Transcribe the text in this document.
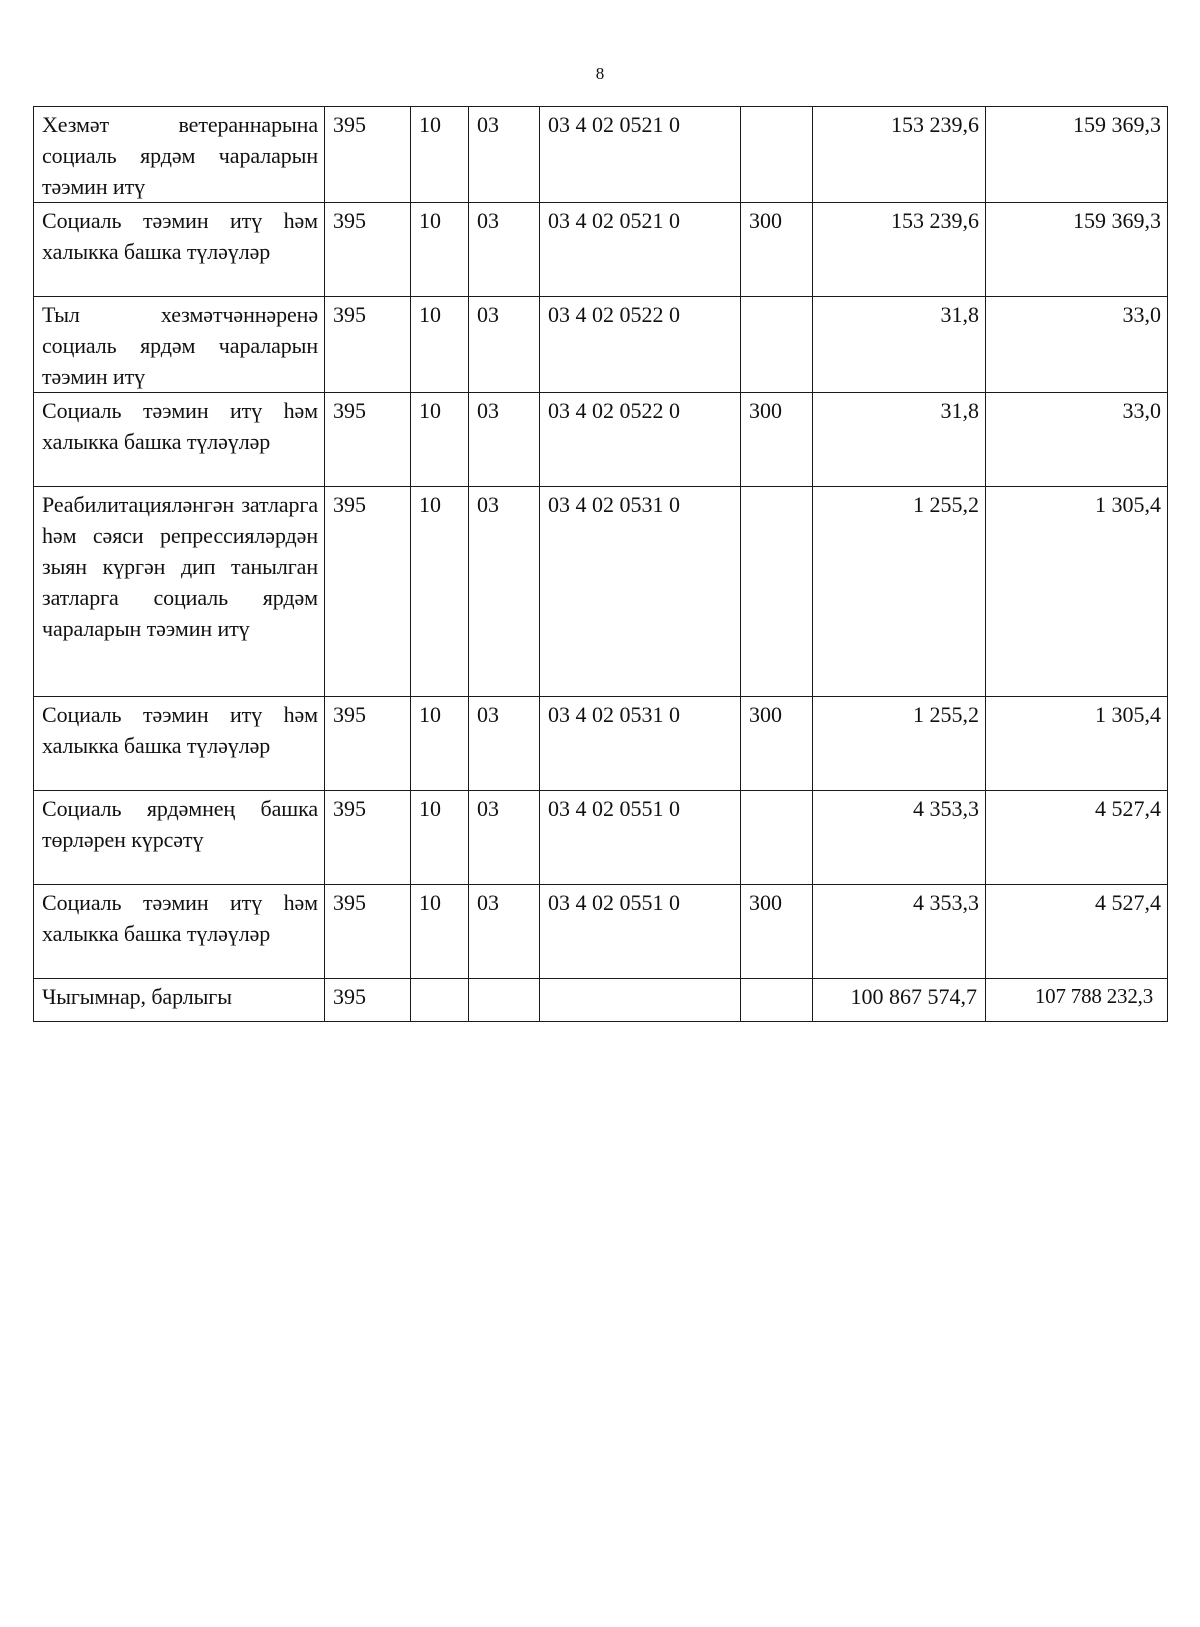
8
Хезмәт ветераннарына социаль ярдәм чараларын тәэмин итү	395	10	03	03 4 02 0521 0		153 239,6	159 369,3
Социаль тәэмин итү һәм халыкка башка түләүләр	395	10	03	03 4 02 0521 0	300	153 239,6	159 369,3
Тыл хезмәтчәннәренә социаль ярдәм чараларын тәэмин итү	395	10	03	03 4 02 0522 0		31,8	33,0
Социаль тәэмин итү һәм халыкка башка түләүләр	395	10	03	03 4 02 0522 0	300	31,8	33,0
Реабилитацияләнгән затларга һәм сәяси репрессияләрдән зыян күргән дип танылган затларга социаль ярдәм чараларын тәэмин итү	395	10	03	03 4 02 0531 0		1 255,2	1 305,4
Социаль тәэмин итү һәм халыкка башка түләүләр	395	10	03	03 4 02 0531 0	300	1 255,2	1 305,4
Социаль ярдәмнең башка төрләрен күрсәтү	395	10	03	03 4 02 0551 0		4 353,3	4 527,4
Социаль тәэмин итү һәм халыкка башка түләүләр	395	10	03	03 4 02 0551 0	300	4 353,3	4 527,4
Чыгымнар, барлыгы	395					100 867 574,7	107 788 232,3
